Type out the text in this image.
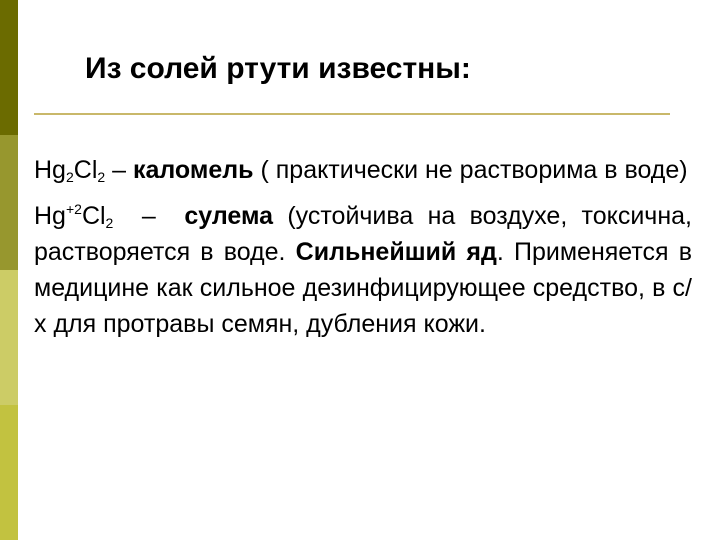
Из солей ртути известны:

$Hg_2Cl_2$ – каломель ( практически не растворима в воде)

$Hg^{+2}Cl_2$  –  сулема (устойчива на воздухе, токсична, растворяется в воде. Сильнейший яд. Применяется в медицине как сильное дезинфицирующее средство, в с/х для протравы семян, дубления кожи.
